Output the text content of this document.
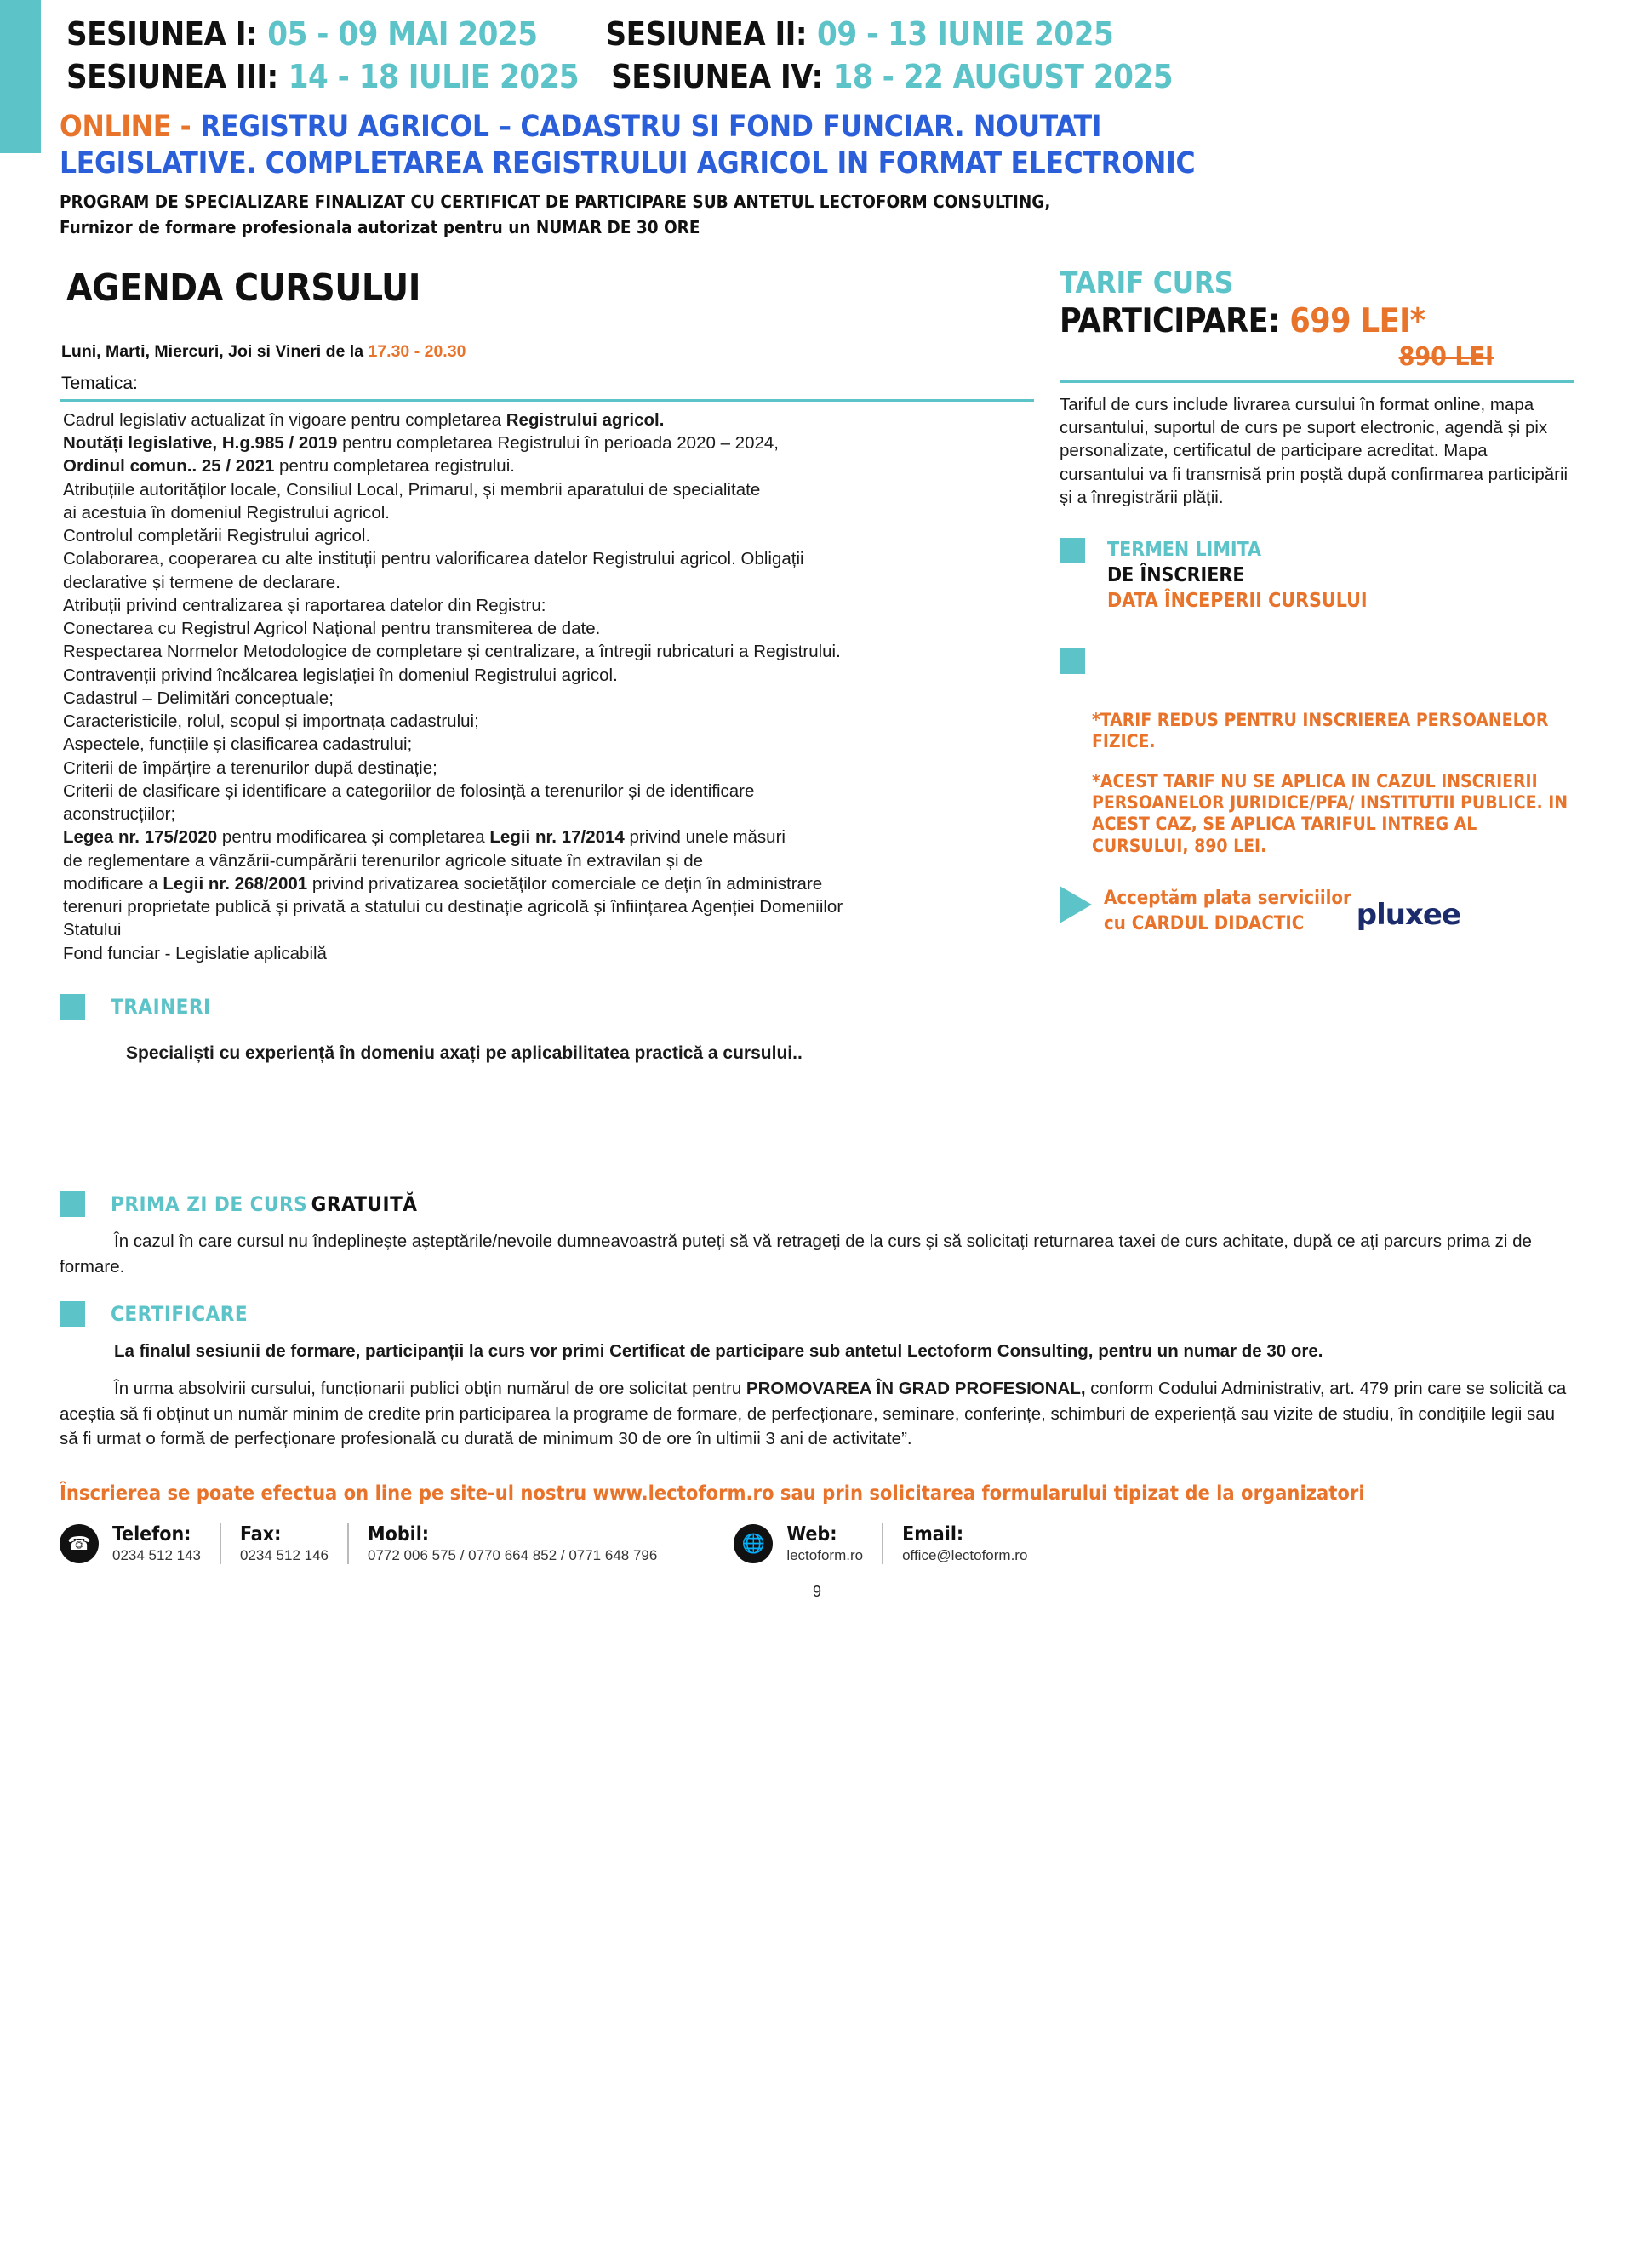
SESIUNEA I: 05 - 09 MAI 2025 SESIUNEA II: 09 - 13 IUNIE 2025
SESIUNEA III: 14 - 18 IULIE 2025 SESIUNEA IV: 18 - 22 AUGUST 2025
ONLINE - REGISTRU AGRICOL – CADASTRU SI FOND FUNCIAR. NOUTATI
LEGISLATIVE. COMPLETAREA REGISTRULUI AGRICOL IN FORMAT ELECTRONIC
PROGRAM DE SPECIALIZARE FINALIZAT CU CERTIFICAT DE PARTICIPARE SUB ANTETUL LECTOFORM CONSULTING,
Furnizor de formare profesionala autorizat pentru un NUMAR DE 30 ORE
AGENDA CURSULUI
Luni, Marti, Miercuri, Joi si Vineri de la 17.30 - 20.30
Tematica:

Cadrul legislativ actualizat în vigoare pentru completarea Registrului agricol.

Noutăți legislative, H.g.985 / 2019 pentru completarea Registrului în perioada 2020 – 2024,

Ordinul comun.. 25 / 2021 pentru completarea registrului.

Atribuțiile autorităților locale, Consiliul Local, Primarul, și membrii aparatului de specialitate

ai acestuia în domeniul Registrului agricol.

Controlul completării Registrului agricol.

Colaborarea, cooperarea cu alte instituții pentru valorificarea datelor Registrului agricol. Obligații

declarative și termene de declarare.

Atribuții privind centralizarea și raportarea datelor din Registru:

Conectarea cu Registrul Agricol Național pentru transmiterea de date.

Respectarea Normelor Metodologice de completare și centralizare, a întregii rubricaturi a Registrului.

Contravenții privind încălcarea legislației în domeniul Registrului agricol.

Cadastrul – Delimitări conceptuale;

Caracteristicile, rolul, scopul și importnața cadastrului;

Aspectele, funcțiile și clasificarea cadastrului;

Criterii de împărțire a terenurilor după destinație;

Criterii de clasificare și identificare a categoriilor de folosință a terenurilor și de identificare

aconstrucțiilor;

Legea nr. 175/2020 pentru modificarea și completarea Legii nr. 17/2014 privind unele măsuri

de reglementare a vânzării-cumpărării terenurilor agricole situate în extravilan și de

modificare a Legii nr. 268/2001 privind privatizarea societăților comerciale ce dețin în administrare

terenuri proprietate publică și privată a statului cu destinație agricolă și înființarea Agenției Domeniilor

Statului

Fond funciar - Legislatie aplicabilă

TRAINERI
Specialiști cu experiență în domeniu axați pe aplicabilitatea practică a cursului..
TARIF CURS
PARTICIPARE: 699 LEI*
890 LEI
Tariful de curs include livrarea cursului în format online, mapa cursantului, suportul de curs pe suport electronic, agendă și pix personalizate, certificatul de participare acreditat. Mapa cursantului va fi transmisă prin poștă după confirmarea participării și a înregistrării plății.
TERMEN LIMITA
DE ÎNSCRIERE
DATA ÎNCEPERII CURSULUI
*TARIF REDUS PENTRU INSCRIEREA PERSOANELOR FIZICE.
*ACEST TARIF NU SE APLICA IN CAZUL INSCRIERII PERSOANELOR JURIDICE/PFA/ INSTITUTII PUBLICE. IN ACEST CAZ, SE APLICA TARIFUL INTREG AL CURSULUI, 890 LEI.
Acceptăm plata serviciilor
cu CARDUL DIDACTIC	pluxee
PRIMA ZI DE CURS GRATUITĂ
În cazul în care cursul nu îndeplinește așteptările/nevoile dumneavoastră puteți să vă retrageți de la curs și să solicitați returnarea taxei de curs achitate, după ce ați parcurs prima zi de formare.
CERTIFICARE
La finalul sesiunii de formare, participanții la curs vor primi Certificat de participare sub antetul Lectoform Consulting, pentru un numar de 30 ore.
În urma absolvirii cursului, funcționarii publici obțin numărul de ore solicitat pentru PROMOVAREA ÎN GRAD PROFESIONAL, conform Codului Administrativ, art. 479 prin care se solicită ca aceștia să fi obținut un număr minim de credite prin participarea la programe de formare, de perfecționare, seminare, conferințe, schimburi de experiență sau vizite de studiu, în condițiile legii sau să fi urmat o formă de perfecționare profesională cu durată de minimum 30 de ore în ultimii 3 ani de activitate”.
Înscrierea se poate efectua on line pe site-ul nostru www.lectoform.ro sau prin solicitarea formularului tipizat de la organizatori
☎	Telefon:
0234 512 143
Fax:
0234 512 146
Mobil:
0772 006 575 / 0770 664 852 / 0771 648 796
🌐	Web:
lectoform.ro
Email:
office@lectoform.ro
9
